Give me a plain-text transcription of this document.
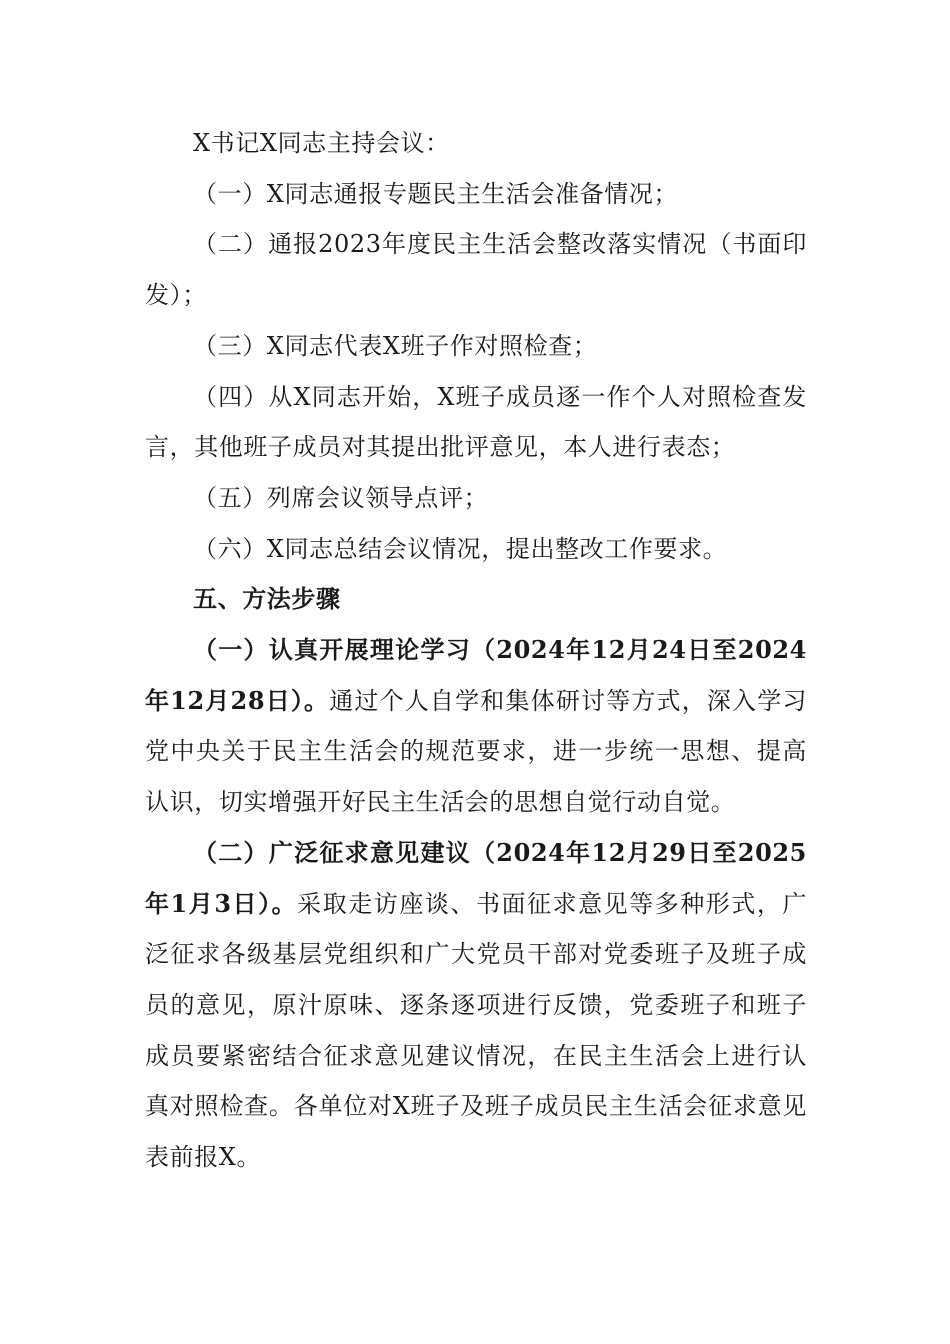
X书记X同志主持会议：

（一）X同志通报专题民主生活会准备情况；

（二）通报2023年度民主生活会整改落实情况（书面印发）；

（三）X同志代表X班子作对照检查；

（四）从X同志开始，X班子成员逐一作个人对照检查发言，其他班子成员对其提出批评意见，本人进行表态；

（五）列席会议领导点评；

（六）X同志总结会议情况，提出整改工作要求。

五、方法步骤

（一）认真开展理论学习（2024年12月24日至2024年12月28日）。通过个人自学和集体研讨等方式，深入学习党中央关于民主生活会的规范要求，进一步统一思想、提高认识，切实增强开好民主生活会的思想自觉行动自觉。

（二）广泛征求意见建议（2024年12月29日至2025年1月3日）。采取走访座谈、书面征求意见等多种形式，广泛征求各级基层党组织和广大党员干部对党委班子及班子成员的意见，原汁原味、逐条逐项进行反馈，党委班子和班子成员要紧密结合征求意见建议情况，在民主生活会上进行认真对照检查。各单位对X班子及班子成员民主生活会征求意见表前报X。
